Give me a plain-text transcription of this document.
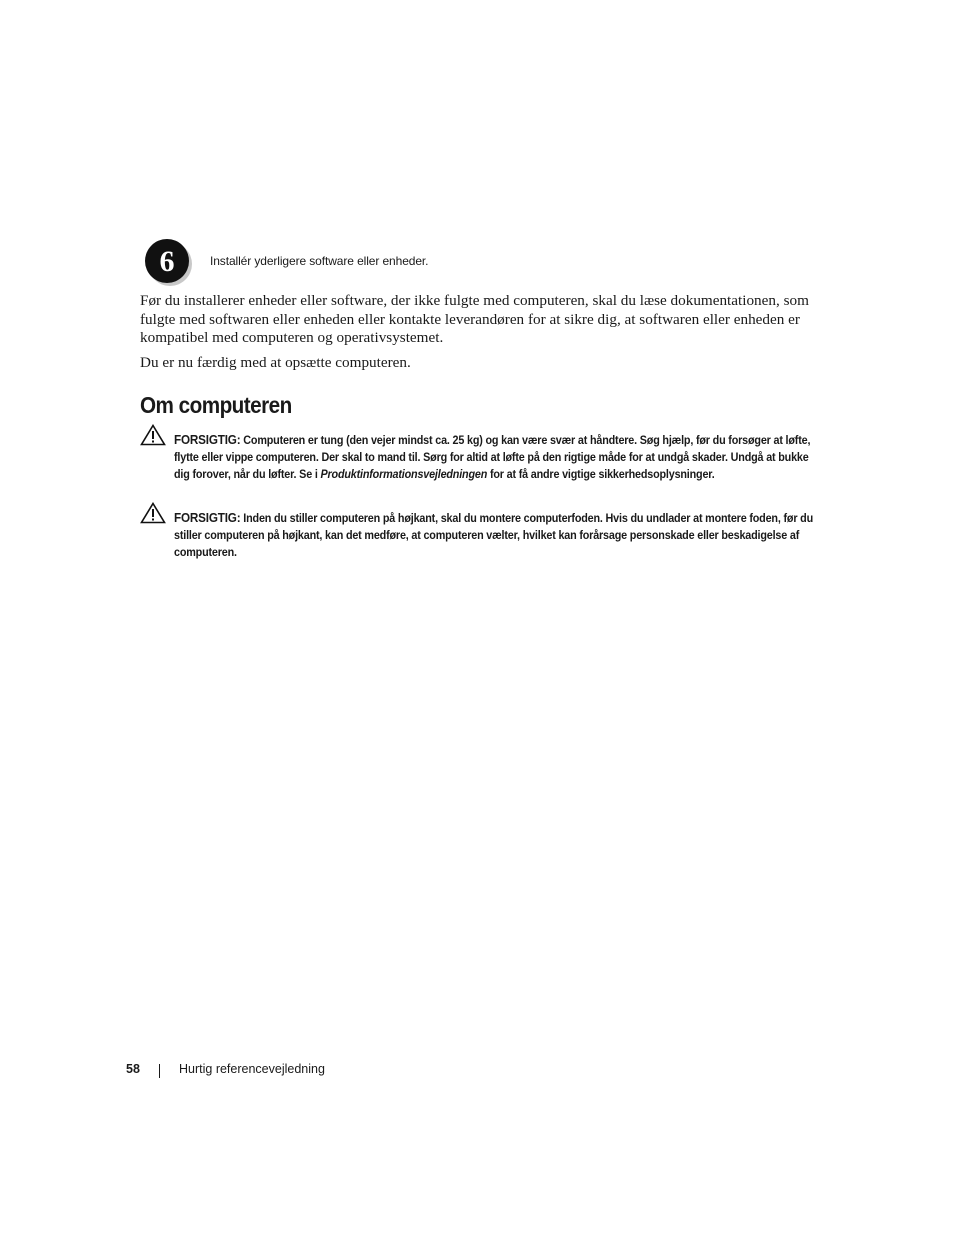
6	Installér yderligere software eller enheder.

Før du installerer enheder eller software, der ikke fulgte med computeren, skal du læse dokumentationen, som fulgte med softwaren eller enheden eller kontakte leverandøren for at sikre dig, at softwaren eller enheden er kompatibel med computeren og operativsystemet.

Du er nu færdig med at opsætte computeren.

Om computeren

FORSIGTIG: Computeren er tung (den vejer mindst ca. 25 kg) og kan være svær at håndtere. Søg hjælp, før du forsøger at løfte, flytte eller vippe computeren. Der skal to mand til. Sørg for altid at løfte på den rigtige måde for at undgå skader. Undgå at bukke dig forover, når du løfter. Se i Produktinformationsvejledningen for at få andre vigtige sikkerhedsoplysninger.

FORSIGTIG: Inden du stiller computeren på højkant, skal du montere computerfoden. Hvis du undlader at montere foden, før du stiller computeren på højkant, kan det medføre, at computeren vælter, hvilket kan forårsage personskade eller beskadigelse af computeren.

58	Hurtig referencevejledning
